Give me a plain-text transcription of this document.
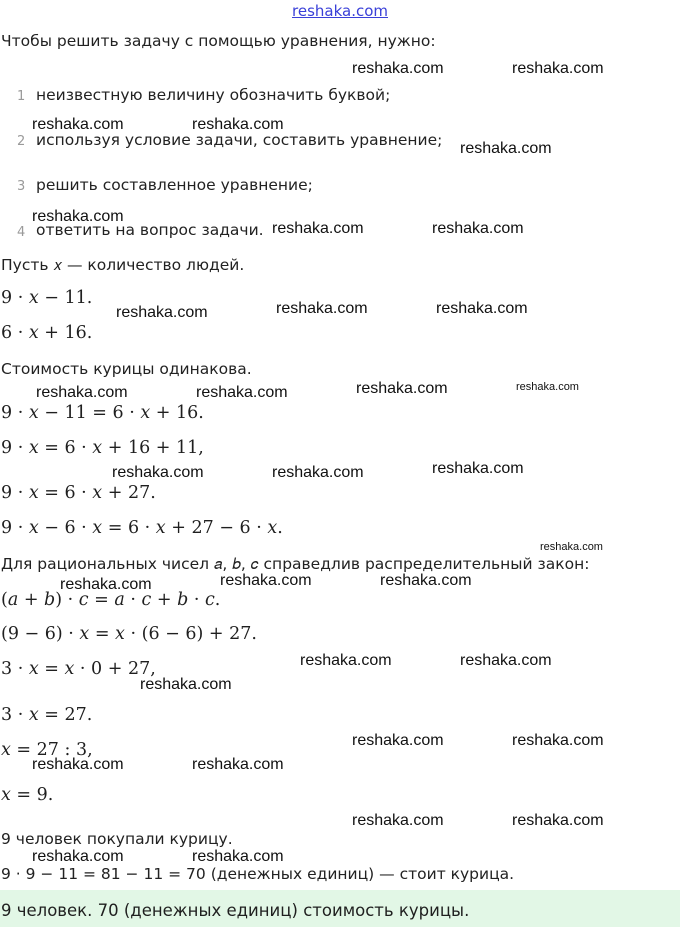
reshaka.com
Чтобы решить задачу с помощью уравнения, нужно:
1 неизвестную величину обозначить буквой;
2 используя условие задачи, составить уравнение;
3 решить составленное уравнение;
4 ответить на вопрос задачи.
Пусть 𝑥 — количество людей.
9 · 𝑥 − 11.
6 · 𝑥 + 16.
Стоимость курицы одинакова.
9 · 𝑥 − 11 = 6 · 𝑥 + 16.
9 · 𝑥 = 6 · 𝑥 + 16 + 11,
9 · 𝑥 = 6 · 𝑥 + 27.
9 · 𝑥 − 6 · 𝑥 = 6 · 𝑥 + 27 − 6 · 𝑥.
Для рациональных чисел 𝑎, 𝑏, 𝑐 справедлив распределительный закон:
(𝑎 + 𝑏) · 𝑐 = 𝑎 · 𝑐 + 𝑏 · 𝑐.
(9 − 6) · 𝑥 = 𝑥 · (6 − 6) + 27.
3 · 𝑥 = 𝑥 · 0 + 27,
3 · 𝑥 = 27.
𝑥 = 27 : 3,
𝑥 = 9.
9 человек покупали курицу.
9 · 9 − 11 = 81 − 11 = 70 (денежных единиц) — стоит курица.
9 человек. 70 (денежных единиц) стоимость курицы.
reshaka.com	reshaka.com
reshaka.com	reshaka.com
reshaka.com
reshaka.com
reshaka.com	reshaka.com
reshaka.com	reshaka.com
reshaka.com
reshaka.com	reshaka.com
reshaka.com	reshaka.com
reshaka.com
reshaka.com	reshaka.com
reshaka.com
reshaka.com	reshaka.com
reshaka.com
reshaka.com	reshaka.com
reshaka.com
reshaka.com	reshaka.com
reshaka.com	reshaka.com
reshaka.com	reshaka.com
reshaka.com	reshaka.com
